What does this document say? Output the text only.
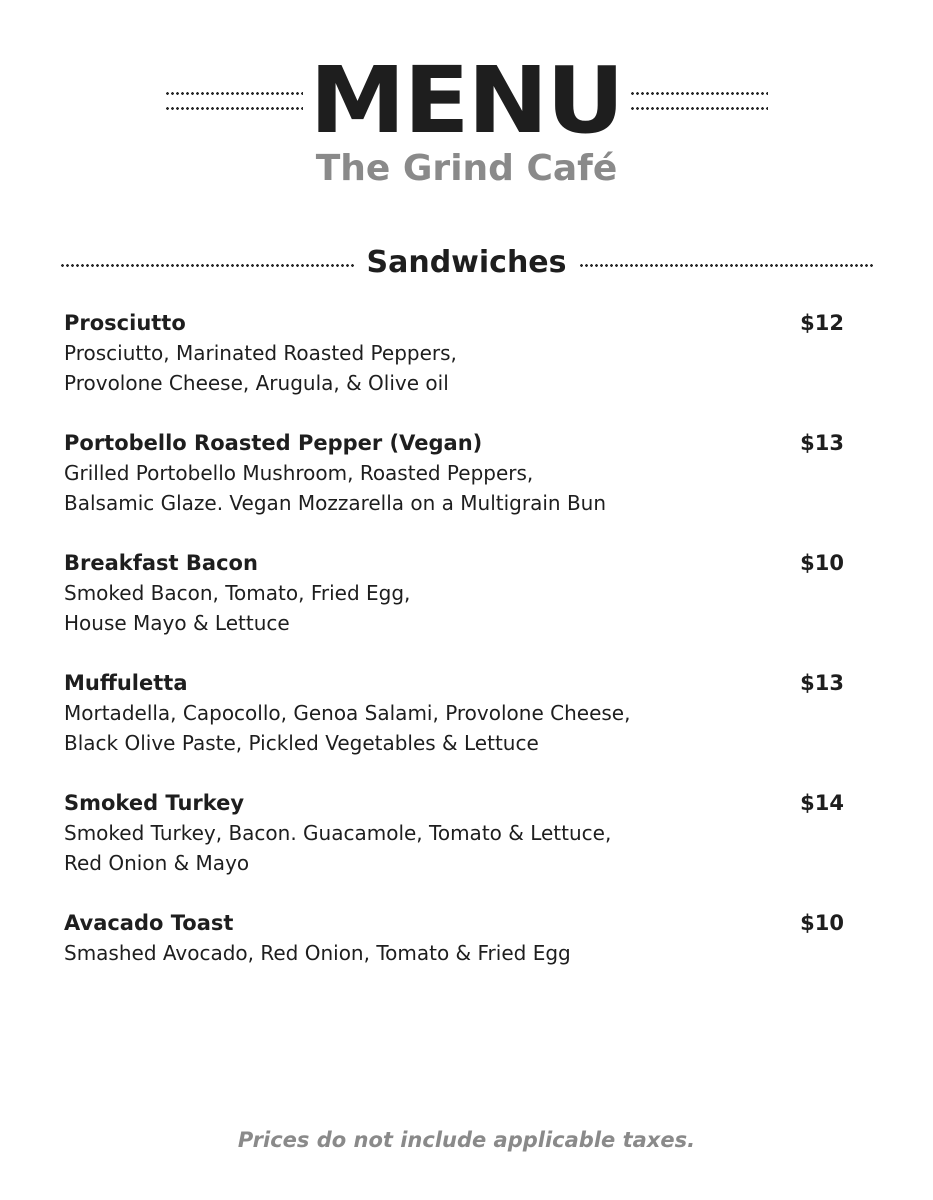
MENU
The Grind Café
Sandwiches
Prosciutto	$12
Prosciutto, Marinated Roasted Peppers,
Provolone Cheese, Arugula, & Olive oil
Portobello Roasted Pepper (Vegan)	$13
Grilled Portobello Mushroom, Roasted Peppers,
Balsamic Glaze. Vegan Mozzarella on a Multigrain Bun
Breakfast Bacon	$10
Smoked Bacon, Tomato, Fried Egg,
House Mayo & Lettuce
Muffuletta	$13
Mortadella, Capocollo, Genoa Salami, Provolone Cheese,
Black Olive Paste, Pickled Vegetables & Lettuce
Smoked Turkey	$14
Smoked Turkey, Bacon. Guacamole, Tomato & Lettuce,
Red Onion & Mayo
Avacado Toast	$10
Smashed Avocado, Red Onion, Tomato & Fried Egg
Prices do not include applicable taxes.
